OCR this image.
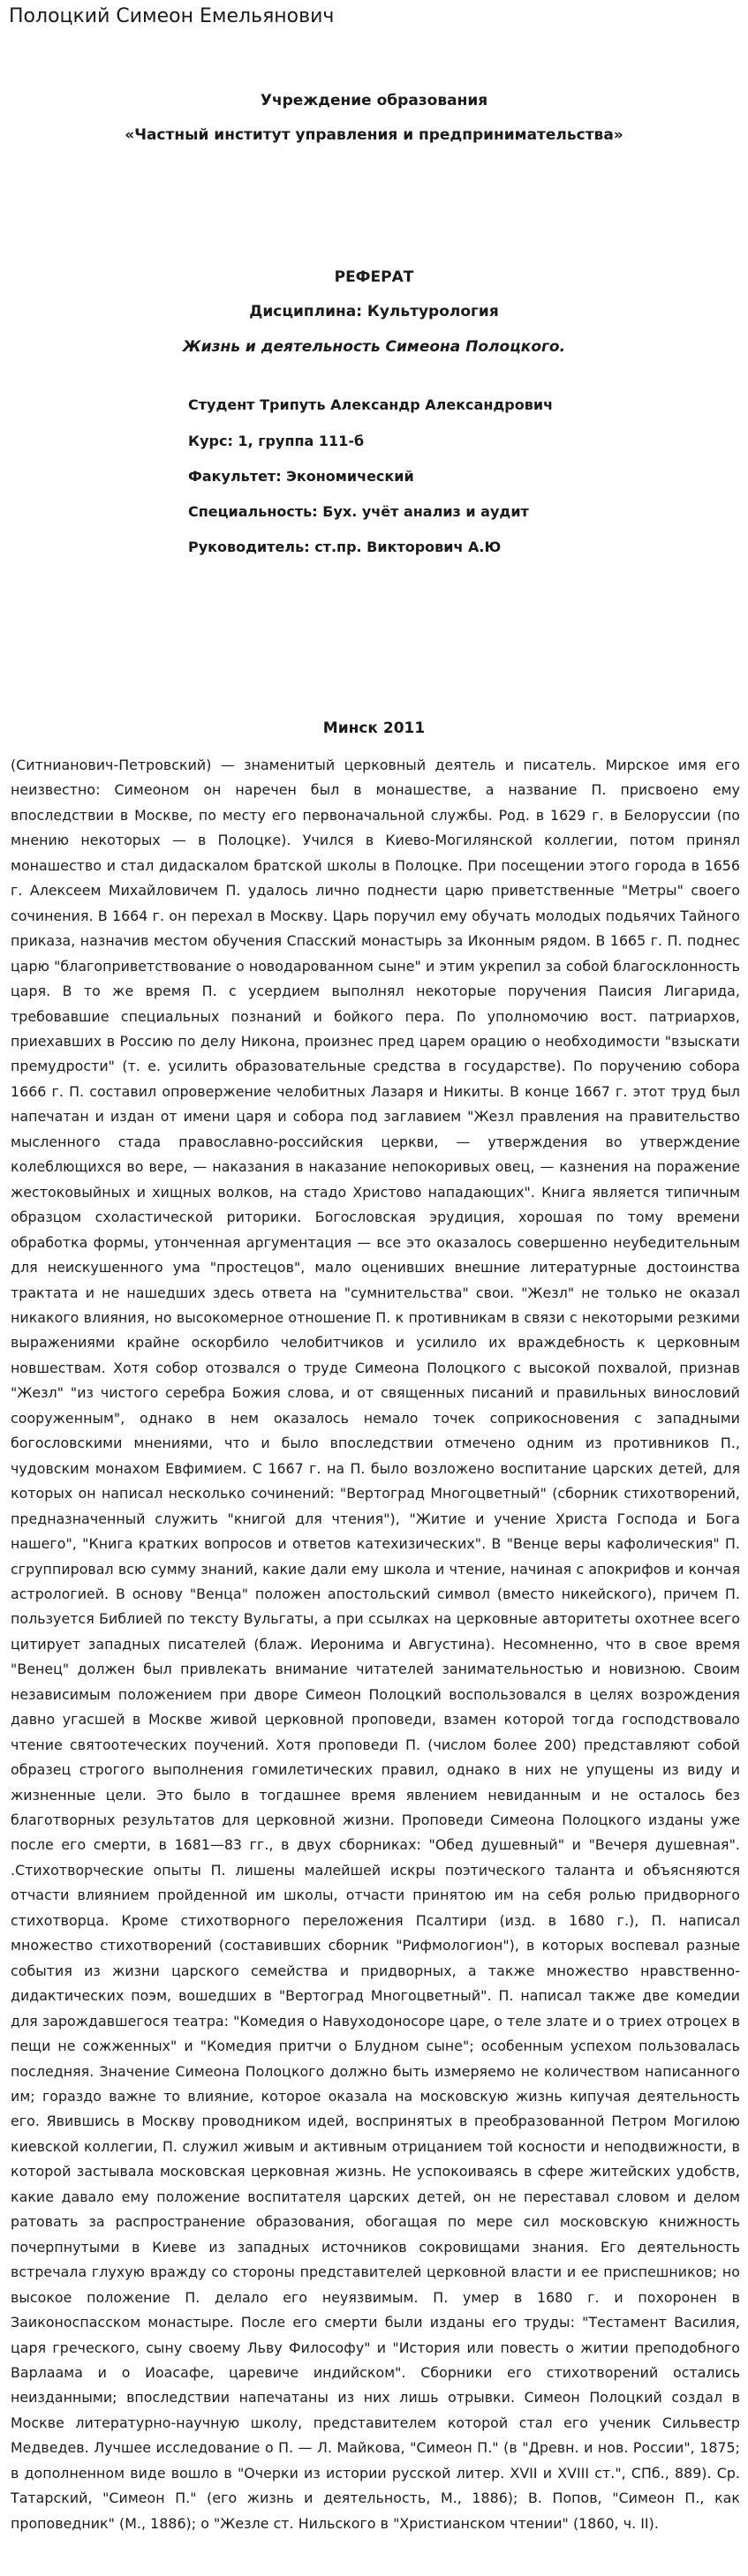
Полоцкий Симеон Емельянович
Учреждение образования
«Частный институт управления и предпринимательства»
РЕФЕРАТ
Дисциплина: Культурология
Жизнь и деятельность Симеона Полоцкого.
Студент Трипуть Александр Александрович
Курс: 1, группа 111-б
Факультет: Экономический
Специальность: Бух. учёт анализ и аудит
Руководитель: ст.пр. Викторович А.Ю
Минск 2011

(Ситнианович-Петровский) — знаменитый церковный деятель и писатель. Мирское имя его неизвестно: Симеоном он наречен был в монашестве, а название П. присвоено ему впоследствии в Москве, по месту его первоначальной службы. Род. в 1629 г. в Белоруссии (по мнению некоторых — в Полоцке). Учился в Киево-Могилянской коллегии, потом принял монашество и стал дидаскалом братской школы в Полоцке. При посещении этого города в 1656 г. Алексеем Михайловичем П. удалось лично поднести царю приветственные "Метры" своего сочинения. В 1664 г. он перехал в Москву. Царь поручил ему обучать молодых подьячих Тайного приказа, назначив местом обучения Спасский монастырь за Иконным рядом. В 1665 г. П. поднес царю "благоприветствование о новодарованном сыне" и этим укрепил за собой благосклонность царя. В то же время П. с усердием выполнял некоторые поручения Паисия Лигарида, требовавшие специальных познаний и бойкого пера. По уполномочию вост. патриархов, приехавших в Россию по делу Никона, произнес пред царем орацию о необходимости "взыскати премудрости" (т. е. усилить образовательные средства в государстве). По поручению собора 1666 г. П. составил опровержение челобитных Лазаря и Никиты. В конце 1667 г. этот труд был напечатан и издан от имени царя и собора под заглавием "Жезл правления на правительство мысленного стада православно-российския церкви, — утверждения во утверждение колеблющихся во вере, — наказания в наказание непокоривых овец, — казнения на поражение жестоковыйных и хищных волков, на стадо Христово нападающих". Книга является типичным образцом схоластической риторики. Богословская эрудиция, хорошая по тому времени обработка формы, утонченная аргументация — все это оказалось совершенно неубедительным для неискушенного ума "простецов", мало оценивших внешние литературные достоинства трактата и не нашедших здесь ответа на "сумнительства" свои. "Жезл" не только не оказал никакого влияния, но высокомерное отношение П. к противникам в связи с некоторыми резкими выражениями крайне оскорбило челобитчиков и усилило их враждебность к церковным новшествам. Хотя собор отозвался о труде Симеона Полоцкого с высокой похвалой, признав "Жезл" "из чистого серебра Божия слова, и от священных писаний и правильных винословий сооруженным", однако в нем оказалось немало точек соприкосновения с западными богословскими мнениями, что и было впоследствии отмечено одним из противников П., чудовским монахом Евфимием. С 1667 г. на П. было возложено воспитание царских детей, для которых он написал несколько сочинений: "Вертоград Многоцветный" (сборник стихотворений, предназначенный служить "книгой для чтения"), "Житие и учение Христа Господа и Бога нашего", "Книга кратких вопросов и ответов катехизических". В "Венце веры кафолическия" П. сгруппировал всю сумму знаний, какие дали ему школа и чтение, начиная с апокрифов и кончая астрологией. В основу "Венца" положен апостольский символ (вместо никейского), причем П. пользуется Библией по тексту Вульгаты, а при ссылках на церковные авторитеты охотнее всего цитирует западных писателей (блаж. Иеронима и Августина). Несомненно, что в свое время "Венец" должен был привлекать внимание читателей занимательностью и новизною. Своим независимым положением при дворе Симеон Полоцкий воспользовался в целях возрождения давно угасшей в Москве живой церковной проповеди, взамен которой тогда господствовало чтение святоотеческих поучений. Хотя проповеди П. (числом более 200) представляют собой образец строгого выполнения гомилетических правил, однако в них не упущены из виду и жизненные цели. Это было в тогдашнее время явлением невиданным и не осталось без благотворных результатов для церковной жизни. Проповеди Симеона Полоцкого изданы уже после его смерти, в 1681—83 гг., в двух сборниках: "Обед душевный" и "Вечеря душевная". .Стихотворческие опыты П. лишены малейшей искры поэтического таланта и объясняются отчасти влиянием пройденной им школы, отчасти принятою им на себя ролью придворного стихотворца. Кроме стихотворного переложения Псалтири (изд. в 1680 г.), П. написал множество стихотворений (составивших сборник "Рифмологион"), в которых воспевал разные события из жизни царского семейства и придворных, а также множество нравственно-дидактических поэм, вошедших в "Вертоград Многоцветный". П. написал также две комедии для зарождавшегося театра: "Комедия о Навуходоносоре царе, о теле злате и о триех отроцех в пещи не сожженных" и "Комедия притчи о Блудном сыне"; особенным успехом пользовалась последняя. Значение Симеона Полоцкого должно быть измеряемо не количеством написанного им; гораздо важне то влияние, которое оказала на московскую жизнь кипучая деятельность его. Явившись в Москву проводником идей, воспринятых в преобразованной Петром Могилою киевской коллегии, П. служил живым и активным отрицанием той косности и неподвижности, в которой застывала московская церковная жизнь. Не успокоиваясь в сфере житейских удобств, какие давало ему положение воспитателя царских детей, он не переставал словом и делом ратовать за распространение образования, обогащая по мере сил московскую книжность почерпнутыми в Киеве из западных источников сокровищами знания. Его деятельность встречала глухую вражду со стороны представителей церковной власти и ее приспешников; но высокое положение П. делало его неуязвимым. П. умер в 1680 г. и похоронен в Заиконоспасском монастыре. После его смерти были изданы его труды: "Тестамент Василия, царя греческого, сыну своему Льву Философу" и "История или повесть о житии преподобного Варлаама и о Иоасафе, царевиче индийском". Сборники его стихотворений остались неизданными; впоследствии напечатаны из них лишь отрывки. Симеон Полоцкий создал в Москве литературно-научную школу, представителем которой стал его ученик Сильвестр Медведев. Лучшее исследование о П. — Л. Майкова, "Симеон П." (в "Древн. и нов. России", 1875; в дополненном виде вошло в "Очерки из истории русской литер. XVII и XVIII ст.", СПб., 889). Ср. Татарский, "Симеон П." (его жизнь и деятельность, М., 1886); В. Попов, "Симеон П., как проповедник" (М., 1886); о "Жезле ст. Нильского в "Христианском чтении" (1860, ч. II).
